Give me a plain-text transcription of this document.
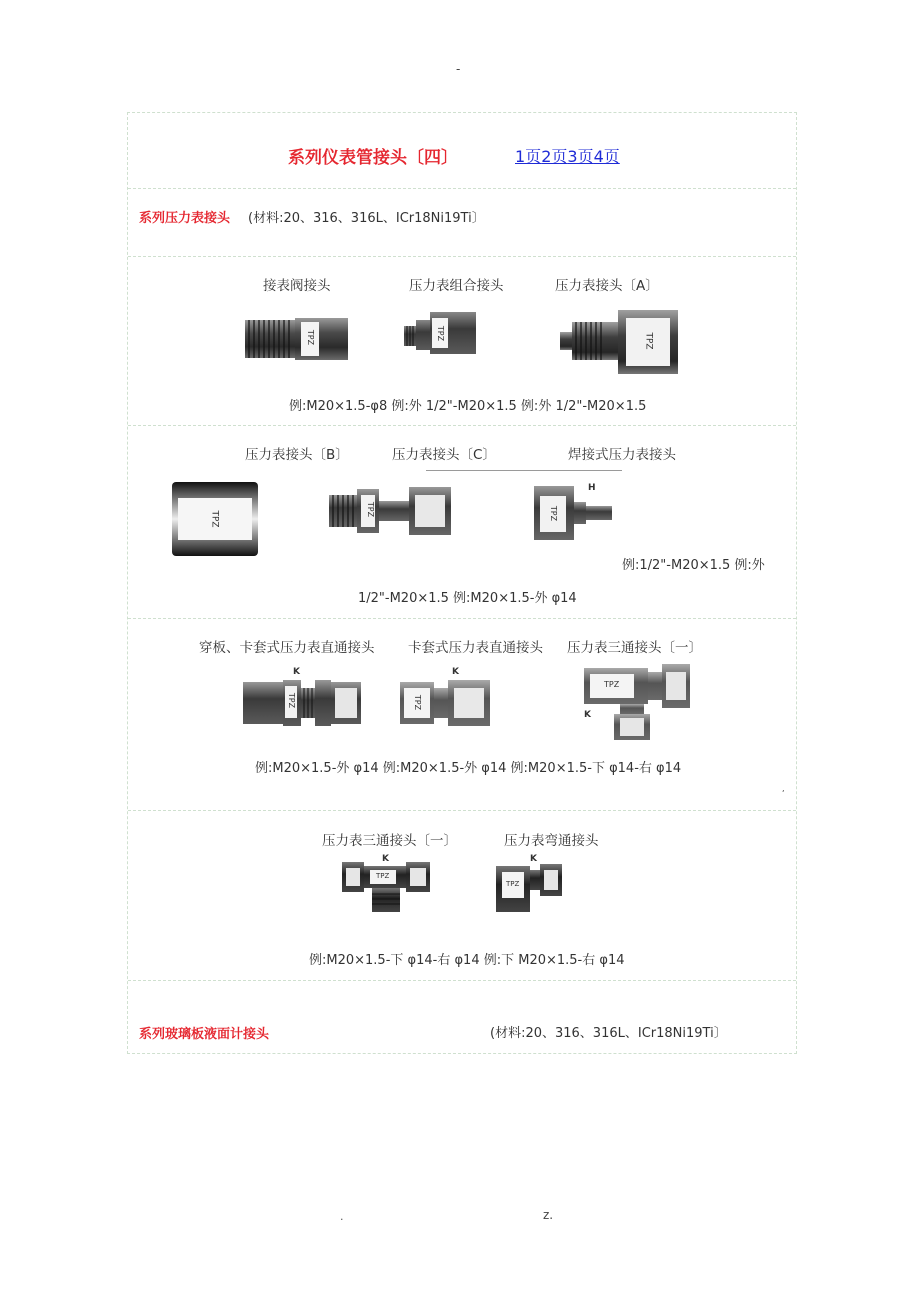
-
.	z.
系列仪表管接头〔四〕	1页2页3页4页
系列压力表接头 (材料:20、316、316L、ICr18Ni19Ti〕
接表阀接头	压力表组合接头	压力表接头〔A〕
TPZ	TPZ	TPZ
例:M20×1.5-φ8 例:外 1/2"-M20×1.5 例:外 1/2"-M20×1.5
压力表接头〔B〕	压力表接头〔C〕	焊接式压力表接头
TPZ
TPZ	TPZ
H
例:1/2"-M20×1.5 例:外
1/2"-M20×1.5 例:M20×1.5-外 φ14
穿板、卡套式压力表直通接头 卡套式压力表直通接头 压力表三通接头〔一〕
TPZ
K
TPZ
K
TPZ
K
例:M20×1.5-外 φ14 例:M20×1.5-外 φ14 例:M20×1.5-下 φ14-右 φ14
,
压力表三通接头〔一〕	压力表弯通接头
TPZ
K
TPZ
K
例:M20×1.5-下 φ14-右 φ14 例:下 M20×1.5-右 φ14
系列玻璃板液面计接头	(材料:20、316、316L、ICr18Ni19Ti〕
